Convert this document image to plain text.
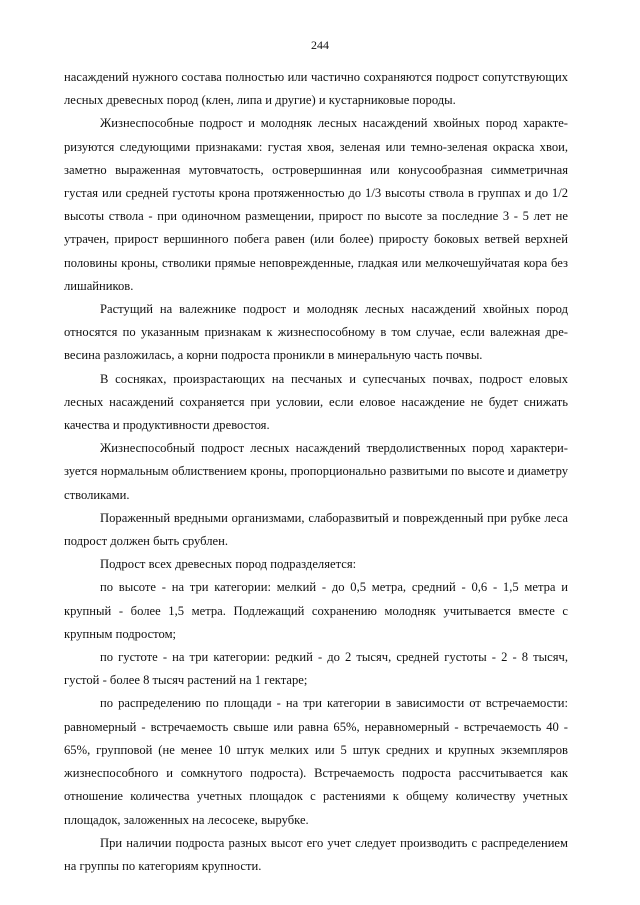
244

насаждений нужного состава полностью или частично сохраняются подрост сопутствующих лесных древесных пород (клен, липа и другие) и кустарниковые породы.

Жизнеспособные подрост и молодняк лесных насаждений хвойных пород характеризуются следующими признаками: густая хвоя, зеленая или темно-зеленая окраска хвои, заметно выраженная мутовчатость, островершинная или конусообразная симметричная густая или средней густоты крона протяженностью до 1/3 высоты ствола в группах и до 1/2 высоты ствола - при одиночном размещении, прирост по высоте за последние 3 - 5 лет не утрачен, прирост вершинного побега равен (или более) приросту боковых ветвей верхней половины кроны, стволики прямые неповрежденные, гладкая или мелкочешуйчатая кора без лишайников.

Растущий на валежнике подрост и молодняк лесных насаждений хвойных пород относятся по указанным признакам к жизнеспособному в том случае, если валежная древесина разложилась, а корни подроста проникли в минеральную часть почвы.

В сосняках, произрастающих на песчаных и супесчаных почвах, подрост еловых лесных насаждений сохраняется при условии, если еловое насаждение не будет снижать качества и продуктивности древостоя.

Жизнеспособный подрост лесных насаждений твердолиственных пород характеризуется нормальным облиствением кроны, пропорционально развитыми по высоте и диаметру стволиками.

Пораженный вредными организмами, слаборазвитый и поврежденный при рубке леса подрост должен быть срублен.

Подрост всех древесных пород подразделяется:

по высоте - на три категории: мелкий - до 0,5 метра, средний - 0,6 - 1,5 метра и крупный - более 1,5 метра. Подлежащий сохранению молодняк учитывается вместе с крупным подростом;

по густоте - на три категории: редкий - до 2 тысяч, средней густоты - 2 - 8 тысяч, густой - более 8 тысяч растений на 1 гектаре;

по распределению по площади - на три категории в зависимости от встречаемости: равномерный - встречаемость свыше или равна 65%, неравномерный - встречаемость 40 - 65%, групповой (не менее 10 штук мелких или 5 штук средних и крупных экземпляров жизнеспособного и сомкнутого подроста). Встречаемость подроста рассчитывается как отношение количества учетных площадок с растениями к общему количеству учетных площадок, заложенных на лесосеке, вырубке.

При наличии подроста разных высот его учет следует производить с распределением на группы по категориям крупности.
